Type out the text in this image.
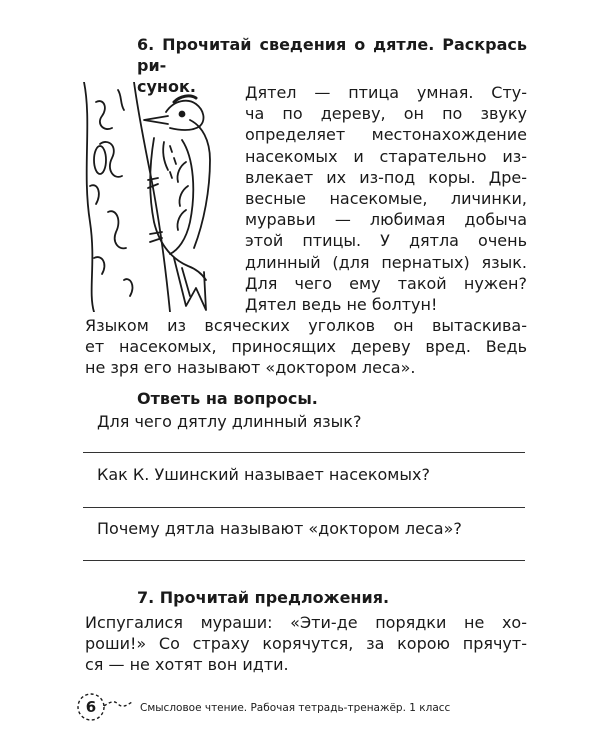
6. Прочитай сведения о дятле. Раскрась ри-
сунок.	Дятел — птица умная. Сту-
ча по дереву, он по звуку
определяет местонахождение
насекомых и старательно из-
влекает их из-под коры. Дре-
весные насекомые, личинки,
муравьи — любимая добыча
этой птицы. У дятла очень
длинный (для пернатых) язык.
Для чего ему такой нужен?
Дятел ведь не болтун!
Языком из всяческих уголков он вытаскива-
ет насекомых, приносящих дереву вред. Ведь
не зря его называют «доктором леса».
Ответь на вопросы.
Для чего дятлу длинный язык?
Как К. Ушинский называет насекомых?
Почему дятла называют «доктором леса»?
7. Прочитай предложения.
Испугалися мураши: «Эти-де порядки не хо-
роши!» Со страху корячутся, за корою прячут-
ся — не хотят вон идти.
6	Смысловое чтение. Рабочая тетрадь-тренажёр. 1 класс
